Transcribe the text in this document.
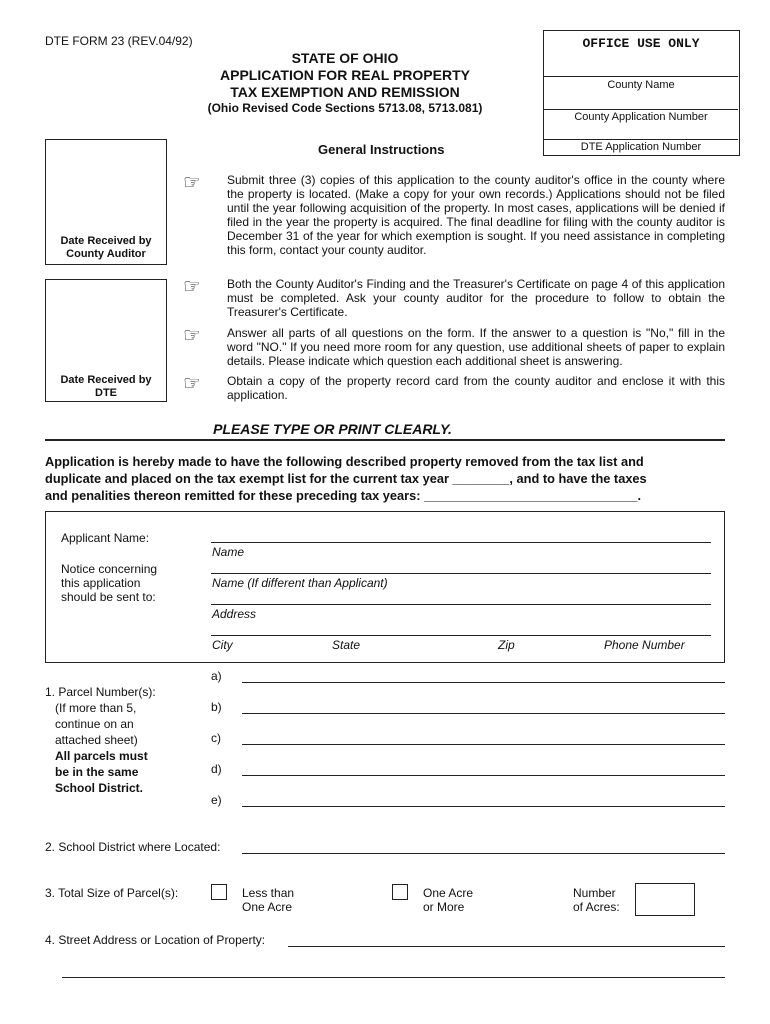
DTE FORM 23 (REV.04/92)
STATE OF OHIO
APPLICATION FOR REAL PROPERTY
TAX EXEMPTION AND REMISSION
(Ohio Revised Code Sections 5713.08, 5713.081)
OFFICE USE ONLY
County Name
County Application Number
DTE Application Number
Date Received by
County Auditor
Date Received by
DTE
General Instructions
☞ Submit three (3) copies of this application to the county auditor's office in the county where the property is located. (Make a copy for your own records.) Applications should not be filed until the year following acquisition of the property. In most cases, applications will be denied if filed in the year the property is acquired. The final deadline for filing with the county auditor is December 31 of the year for which exemption is sought. If you need assistance in completing this form, contact your county auditor.
☞ Both the County Auditor's Finding and the Treasurer's Certificate on page 4 of this application must be completed. Ask your county auditor for the procedure to follow to obtain the Treasurer's Certificate.
☞ Answer all parts of all questions on the form. If the answer to a question is "No," fill in the word "NO." If you need more room for any question, use additional sheets of paper to explain details. Please indicate which question each additional sheet is answering.
☞ Obtain a copy of the property record card from the county auditor and enclose it with this application.
PLEASE TYPE OR PRINT CLEARLY.
Application is hereby made to have the following described property removed from the tax list and
duplicate and placed on the tax exempt list for the current tax year ________, and to have the taxes
and penalities thereon remitted for these preceding tax years: ______________________________.
Applicant Name:
Notice concerning
this application
should be sent to:
Name
Name (If different than Applicant)
Address
City	State	Zip	Phone Number
1. Parcel Number(s):
(If more than 5,
continue on an
attached sheet)
All parcels must
be in the same
School District.
a)
b)
c)
d)
e)
2. School District where Located:
3. Total Size of Parcel(s):	Less than
One Acre
One Acre
or More
Number
of Acres:
4. Street Address or Location of Property:
